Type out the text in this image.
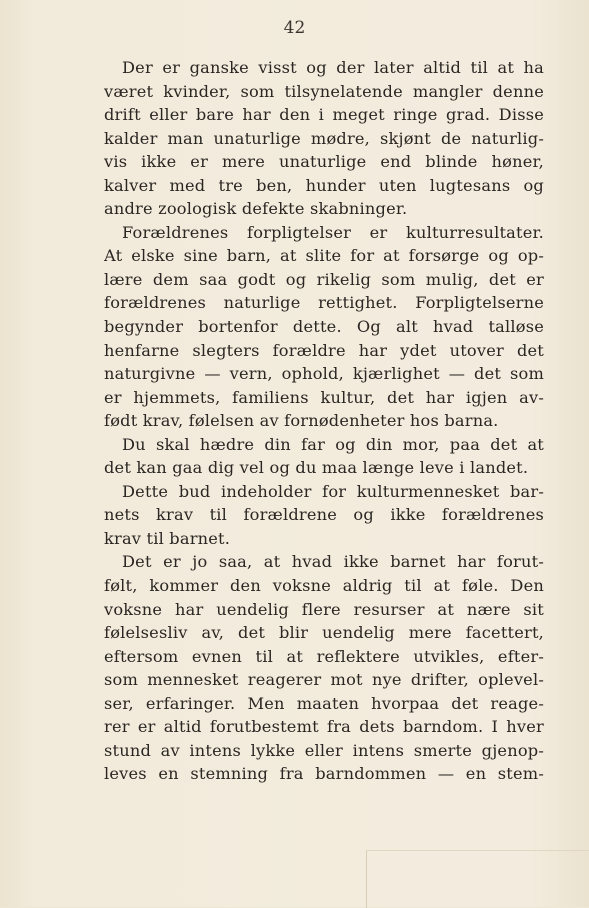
42
Der er ganske visst og der later altid til at ha
været kvinder, som tilsynelatende mangler denne
drift eller bare har den i meget ringe grad. Disse
kalder man unaturlige mødre, skjønt de naturlig-
vis ikke er mere unaturlige end blinde høner,
kalver med tre ben, hunder uten lugtesans og
andre zoologisk defekte skabninger.
Forældrenes forpligtelser er kulturresultater.
At elske sine barn, at slite for at forsørge og op-
lære dem saa godt og rikelig som mulig, det er
forældrenes naturlige rettighet. Forpligtelserne
begynder bortenfor dette. Og alt hvad talløse
henfarne slegters forældre har ydet utover det
naturgivne — vern, ophold, kjærlighet — det som
er hjemmets, familiens kultur, det har igjen av-
født krav, følelsen av fornødenheter hos barna.
Du skal hædre din far og din mor, paa det at
det kan gaa dig vel og du maa længe leve i landet.
Dette bud indeholder for kulturmennesket bar-
nets krav til forældrene og ikke forældrenes
krav til barnet.
Det er jo saa, at hvad ikke barnet har forut-
følt, kommer den voksne aldrig til at føle. Den
voksne har uendelig flere resurser at nære sit
følelsesliv av, det blir uendelig mere facettert,
eftersom evnen til at reflektere utvikles, efter-
som mennesket reagerer mot nye drifter, oplevel-
ser, erfaringer. Men maaten hvorpaa det reage-
rer er altid forutbestemt fra dets barndom. I hver
stund av intens lykke eller intens smerte gjenop-
leves en stemning fra barndommen — en stem-
